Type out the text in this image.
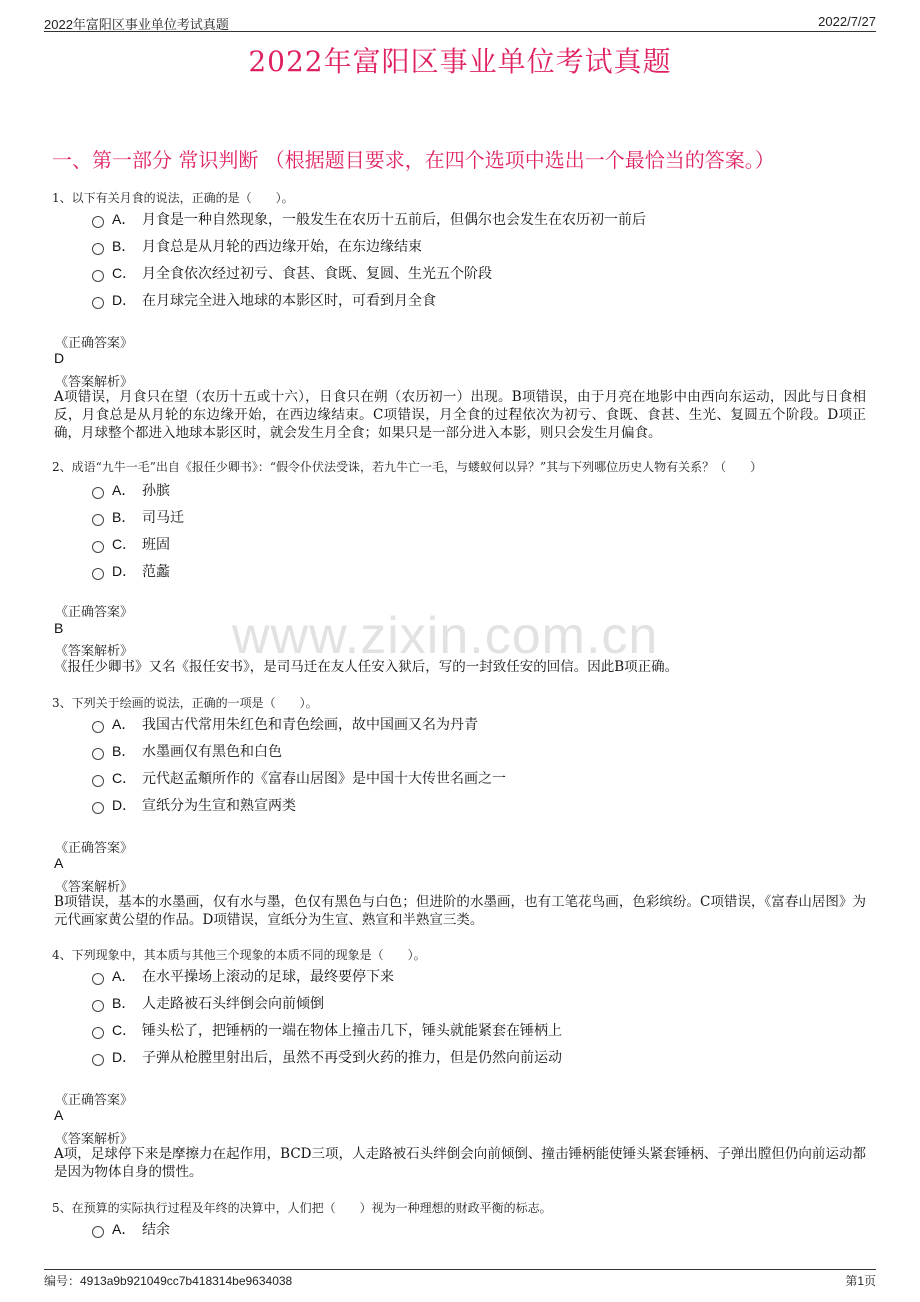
2022年富阳区事业单位考试真题	2022/7/27
2022年富阳区事业单位考试真题
一、第一部分 常识判断 （根据题目要求，在四个选项中选出一个最恰当的答案。）
www.zixin.com.cn
1、以下有关月食的说法，正确的是（　　）。
A． 月食是一种自然现象，一般发生在农历十五前后，但偶尔也会发生在农历初一前后
B． 月食总是从月轮的西边缘开始，在东边缘结束
C． 月全食依次经过初亏、食甚、食既、复圆、生光五个阶段
D． 在月球完全进入地球的本影区时，可看到月全食
《正确答案》
D
《答案解析》
A项错误，月食只在望（农历十五或十六），日食只在朔（农历初一）出现。B项错误，由于月亮在地影中由西向东运动，因此与日食相反，月食总是从月轮的东边缘开始，在西边缘结束。C项错误，月全食的过程依次为初亏、食既、食甚、生光、复圆五个阶段。D项正确，月球整个都进入地球本影区时，就会发生月全食；如果只是一部分进入本影，则只会发生月偏食。
2、成语“九牛一毛”出自《报任少卿书》：“假令仆伏法受诛，若九牛亡一毛，与蝼蚁何以异？”其与下列哪位历史人物有关系？（　　）
A． 孙膑
B． 司马迁
C． 班固
D． 范蠡
《正确答案》
B
《答案解析》
《报任少卿书》又名《报任安书》，是司马迁在友人任安入狱后，写的一封致任安的回信。因此B项正确。
3、下列关于绘画的说法，正确的一项是（　　）。
A． 我国古代常用朱红色和青色绘画，故中国画又名为丹青
B． 水墨画仅有黑色和白色
C． 元代赵孟頫所作的《富春山居图》是中国十大传世名画之一
D． 宣纸分为生宣和熟宣两类
《正确答案》
A
《答案解析》
B项错误，基本的水墨画，仅有水与墨，色仅有黑色与白色；但进阶的水墨画，也有工笔花鸟画，色彩缤纷。C项错误，《富春山居图》为元代画家黄公望的作品。D项错误，宣纸分为生宣、熟宣和半熟宣三类。
4、下列现象中，其本质与其他三个现象的本质不同的现象是（　　）。
A． 在水平操场上滚动的足球，最终要停下来
B． 人走路被石头绊倒会向前倾倒
C． 锤头松了，把锤柄的一端在物体上撞击几下，锤头就能紧套在锤柄上
D． 子弹从枪膛里射出后，虽然不再受到火药的推力，但是仍然向前运动
《正确答案》
A
《答案解析》
A项，足球停下来是摩擦力在起作用，BCD三项，人走路被石头绊倒会向前倾倒、撞击锤柄能使锤头紧套锤柄、子弹出膛但仍向前运动都是因为物体自身的惯性。
5、在预算的实际执行过程及年终的决算中，人们把（　　）视为一种理想的财政平衡的标志。
A． 结余
编号：4913a9b921049cc7b418314be9634038	第1页
